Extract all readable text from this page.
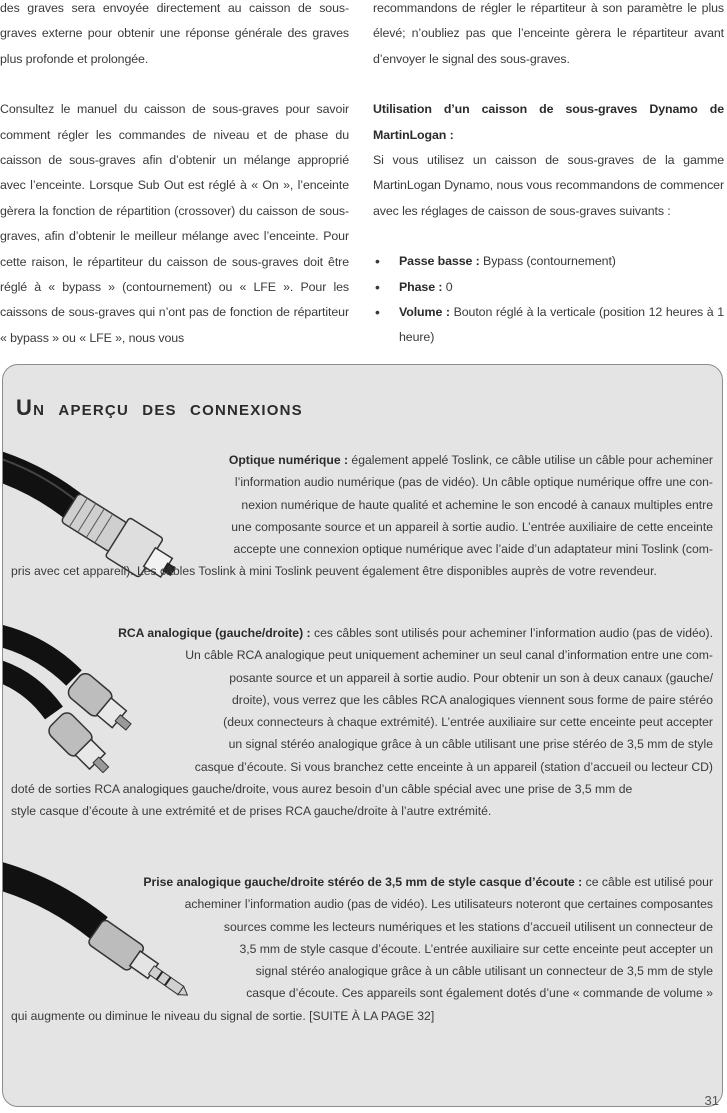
des graves sera envoyée directement au caisson de sous-graves externe pour obtenir une réponse générale des graves plus profonde et prolongée.

Consultez le manuel du caisson de sous-graves pour savoir comment régler les commandes de niveau et de phase du caisson de sous-graves afin d’obtenir un mélange approprié avec l’enceinte. Lorsque Sub Out est réglé à « On », l’enceinte gèrera la fonction de répartition (crossover) du caisson de sous-graves, afin d’obtenir le meilleur mélange avec l’enceinte. Pour cette raison, le répartiteur du caisson de sous-graves doit être réglé à « bypass » (contournement) ou « LFE ». Pour les caissons de sous-graves qui n’ont pas de fonction de répartiteur « bypass » ou « LFE », nous vous

recommandons de régler le répartiteur à son paramètre le plus élevé; n’oubliez pas que l’enceinte gèrera le répartiteur avant d’envoyer le signal des sous-graves.

Utilisation d’un caisson de sous-graves Dynamo de MartinLogan :

Si vous utilisez un caisson de sous-graves de la gamme MartinLogan Dynamo, nous vous recommandons de commencer avec les réglages de caisson de sous-graves suivants :

• Passe basse : Bypass (contournement)
• Phase : 0
• Volume : Bouton réglé à la verticale (position 12 heures à 1 heure)
Un aperçu des connexions
Optique numérique : également appelé Toslink, ce câble utilise un câble pour acheminer
l’information audio numérique (pas de vidéo). Un câble optique numérique offre une con-
nexion numérique de haute qualité et achemine le son encodé à canaux multiples entre
une composante source et un appareil à sortie audio. L’entrée auxiliaire de cette enceinte
accepte une connexion optique numérique avec l’aide d’un adaptateur mini Toslink (com-
pris avec cet appareil). Les câbles Toslink à mini Toslink peuvent également être disponibles auprès de votre revendeur.
RCA analogique (gauche/droite) : ces câbles sont utilisés pour acheminer l’information audio (pas de vidéo).
Un câble RCA analogique peut uniquement acheminer un seul canal d’information entre une com-
posante source et un appareil à sortie audio. Pour obtenir un son à deux canaux (gauche/
droite), vous verrez que les câbles RCA analogiques viennent sous forme de paire stéréo
(deux connecteurs à chaque extrémité). L’entrée auxiliaire sur cette enceinte peut accepter
un signal stéréo analogique grâce à un câble utilisant une prise stéréo de 3,5 mm de style
casque d’écoute. Si vous branchez cette enceinte à un appareil (station d’accueil ou lecteur CD)
doté de sorties RCA analogiques gauche/droite, vous aurez besoin d’un câble spécial avec une prise de 3,5 mm de
style casque d’écoute à une extrémité et de prises RCA gauche/droite à l’autre extrémité.
Prise analogique gauche/droite stéréo de 3,5 mm de style casque d’écoute : ce câble est utilisé pour
acheminer l’information audio (pas de vidéo). Les utilisateurs noteront que certaines composantes
sources comme les lecteurs numériques et les stations d’accueil utilisent un connecteur de
3,5 mm de style casque d’écoute. L’entrée auxiliaire sur cette enceinte peut accepter un
signal stéréo analogique grâce à un câble utilisant un connecteur de 3,5 mm de style
casque d’écoute. Ces appareils sont également dotés d’une « commande de volume »
qui augmente ou diminue le niveau du signal de sortie. [SUITE À LA PAGE 32]
31
